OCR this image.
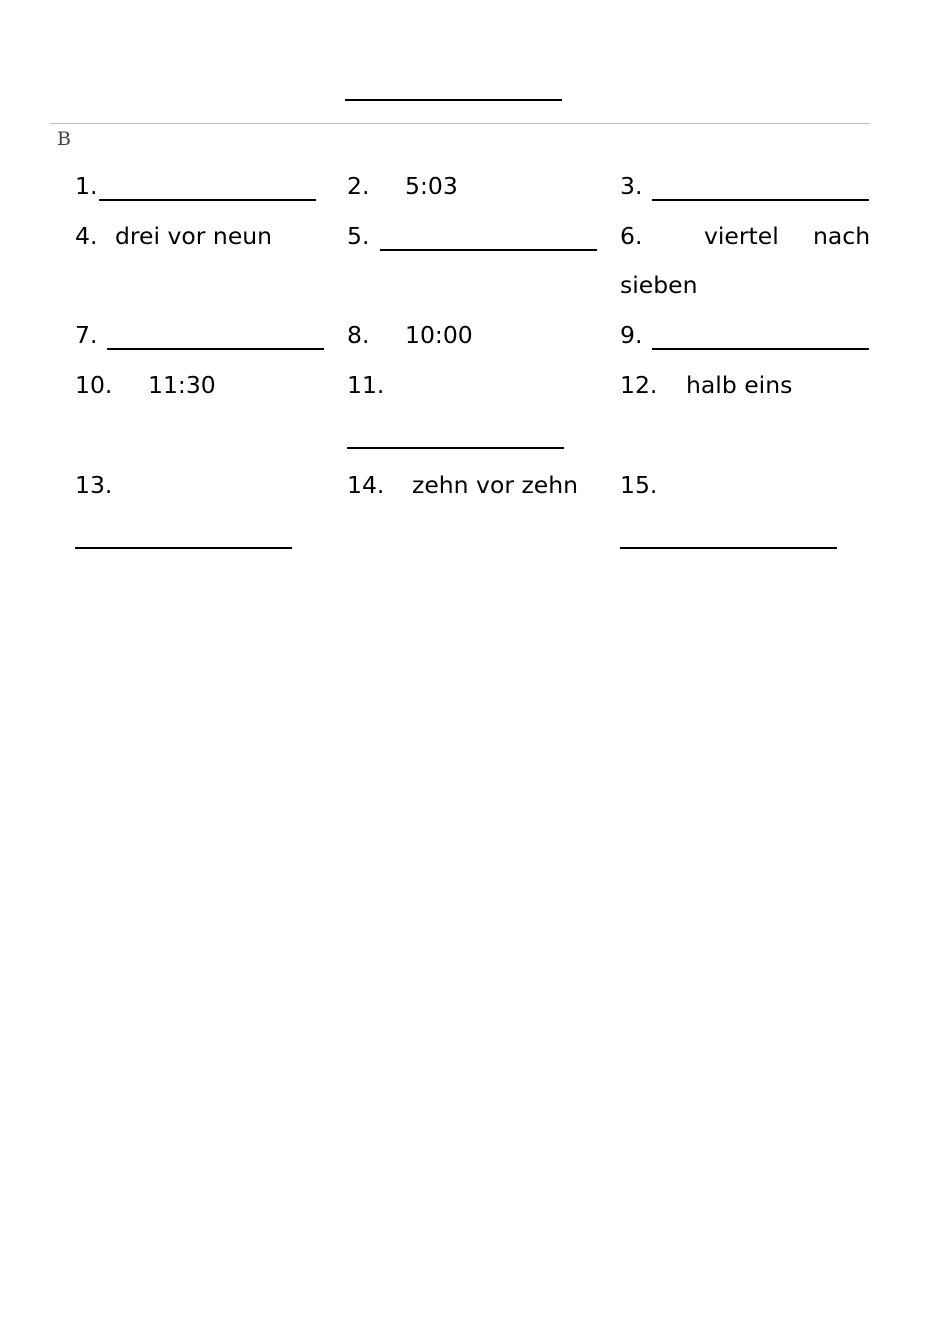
B
1.	2. 5:03	3.
4. drei vor neun	5.	6.	viertel nach
sieben
7.	8. 10:00	9.
10. 11:30	11.	12. halb eins
13.	14. zehn vor zehn 15.
